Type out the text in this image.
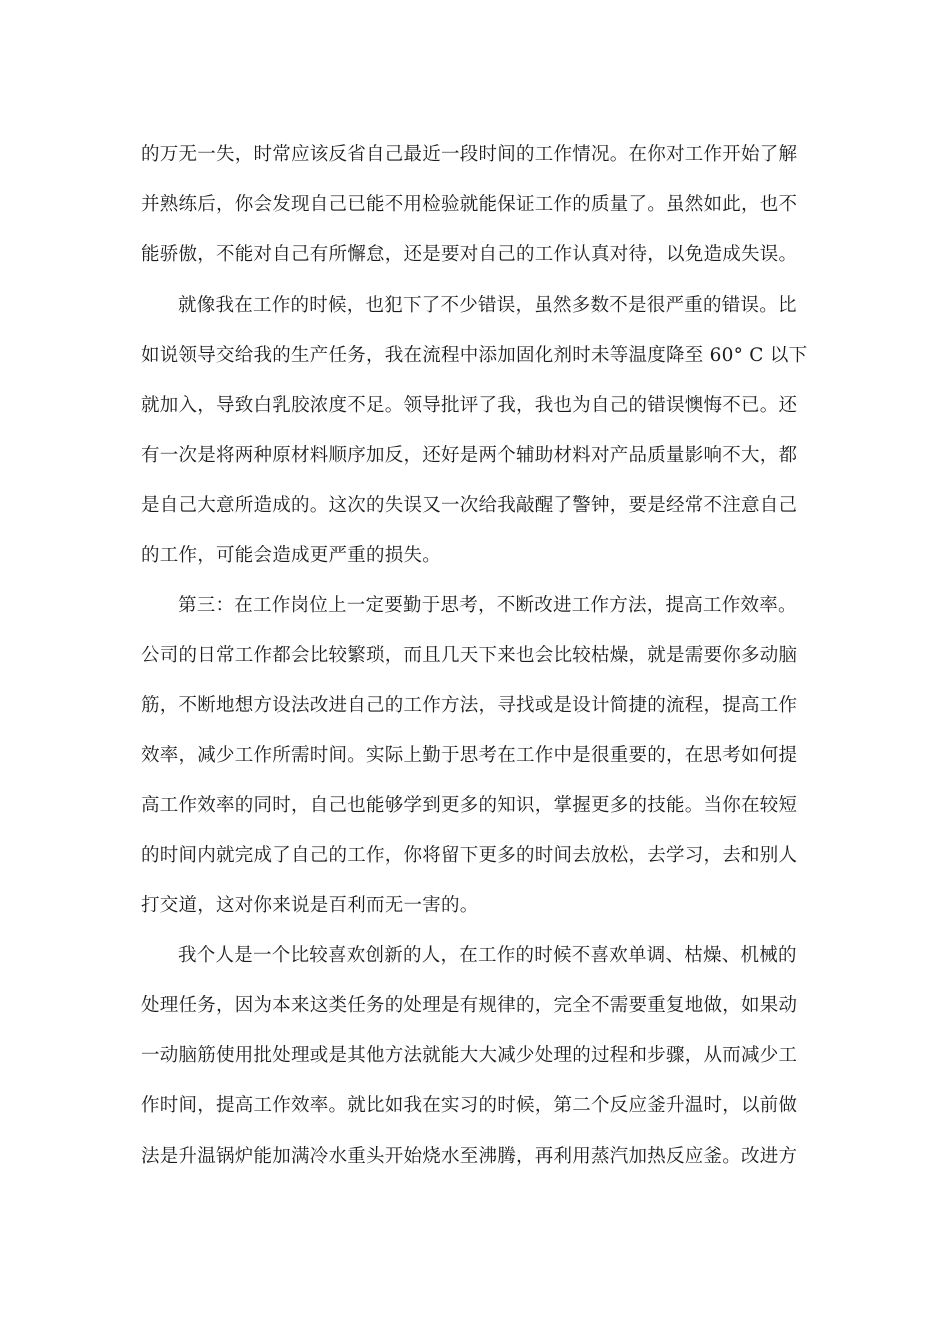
的万无一失，时常应该反省自己最近一段时间的工作情况。在你对工作开始了解
并熟练后，你会发现自己已能不用检验就能保证工作的质量了。虽然如此，也不
能骄傲，不能对自己有所懈怠，还是要对自己的工作认真对待，以免造成失误。
就像我在工作的时候，也犯下了不少错误，虽然多数不是很严重的错误。比
如说领导交给我的生产任务，我在流程中添加固化剂时未等温度降至 60° C 以下
就加入，导致白乳胶浓度不足。领导批评了我，我也为自己的错误懊悔不已。还
有一次是将两种原材料顺序加反，还好是两个辅助材料对产品质量影响不大，都
是自己大意所造成的。这次的失误又一次给我敲醒了警钟，要是经常不注意自己
的工作，可能会造成更严重的损失。
第三：在工作岗位上一定要勤于思考，不断改进工作方法，提高工作效率。
公司的日常工作都会比较繁琐，而且几天下来也会比较枯燥，就是需要你多动脑
筋，不断地想方设法改进自己的工作方法，寻找或是设计简捷的流程，提高工作
效率，减少工作所需时间。实际上勤于思考在工作中是很重要的，在思考如何提
高工作效率的同时，自己也能够学到更多的知识，掌握更多的技能。当你在较短
的时间内就完成了自己的工作，你将留下更多的时间去放松，去学习，去和别人
打交道，这对你来说是百利而无一害的。
我个人是一个比较喜欢创新的人，在工作的时候不喜欢单调、枯燥、机械的
处理任务，因为本来这类任务的处理是有规律的，完全不需要重复地做，如果动
一动脑筋使用批处理或是其他方法就能大大减少处理的过程和步骤，从而减少工
作时间，提高工作效率。就比如我在实习的时候，第二个反应釜升温时，以前做
法是升温锅炉能加满冷水重头开始烧水至沸腾，再利用蒸汽加热反应釜。改进方
